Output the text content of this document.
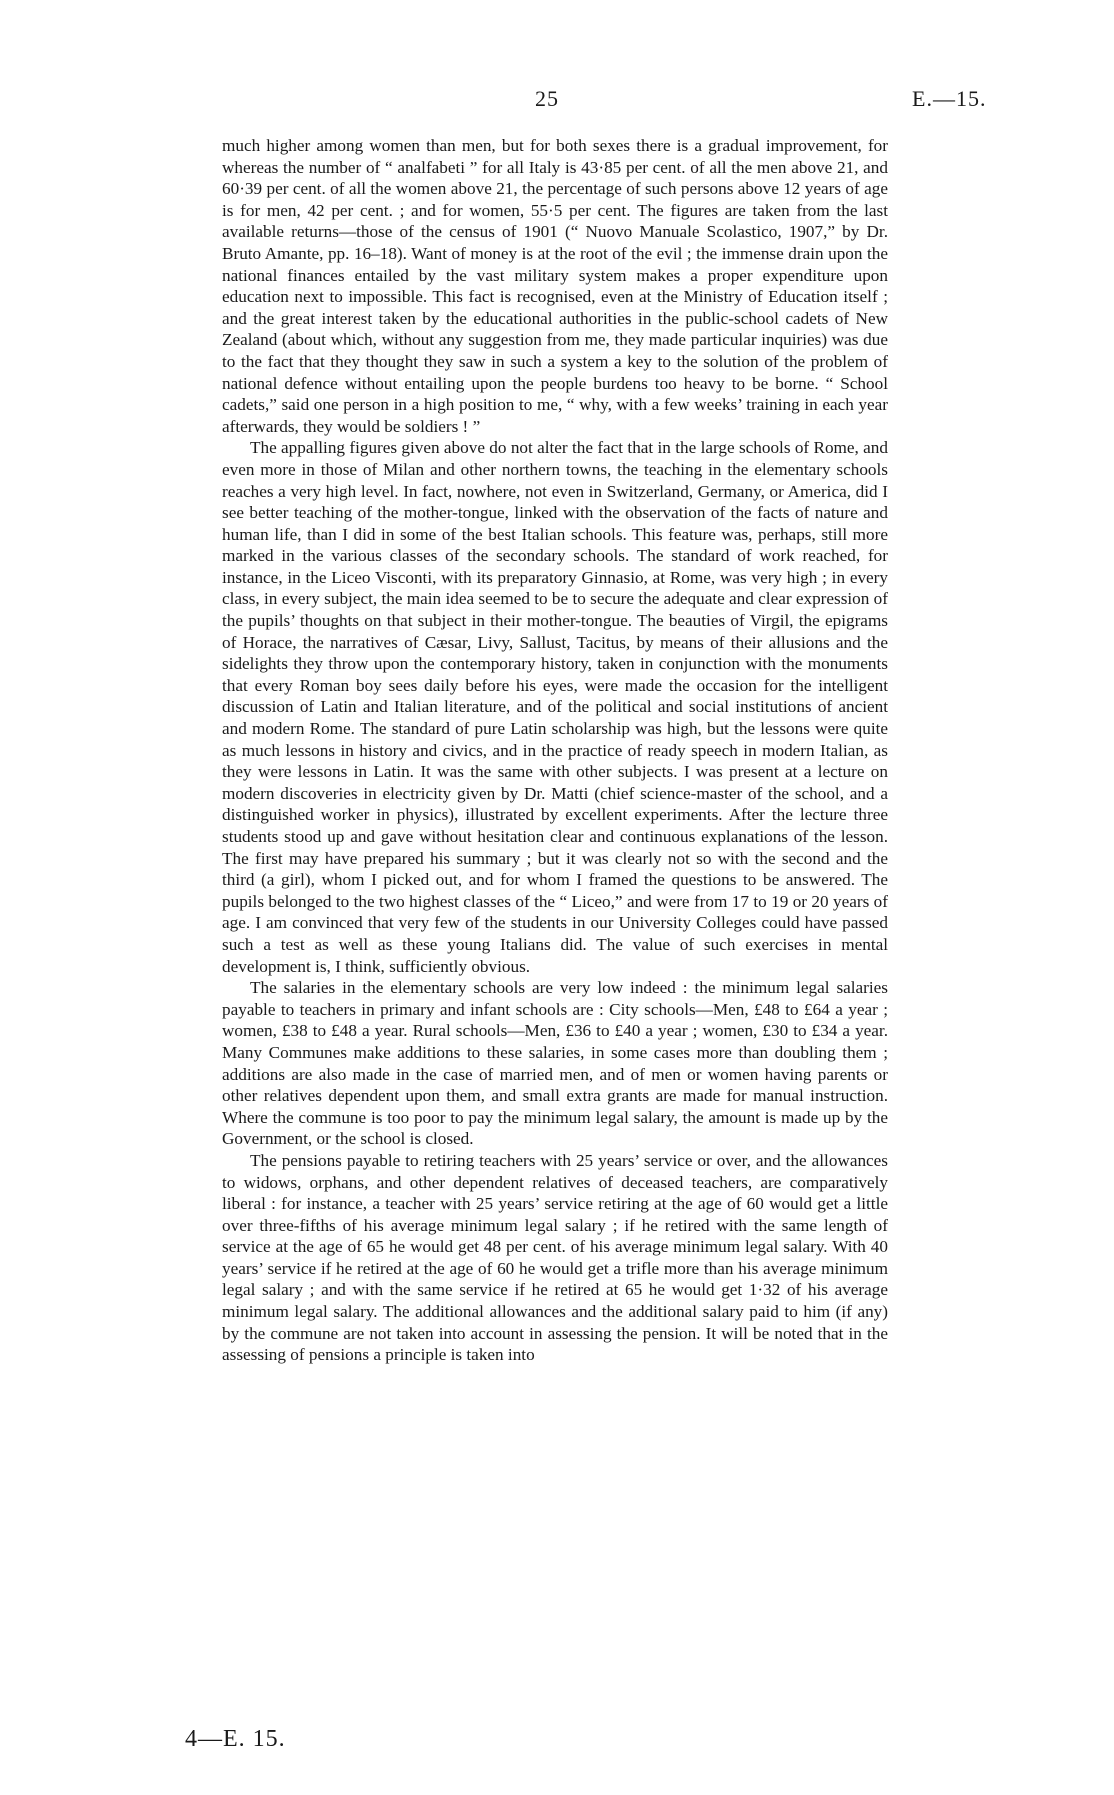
25	E.—15.

much higher among women than men, but for both sexes there is a gradual improvement, for whereas the number of “ analfabeti ” for all Italy is 43·85 per cent. of all the men above 21, and 60·39 per cent. of all the women above 21, the percentage of such persons above 12 years of age is for men, 42 per cent. ; and for women, 55·5 per cent. The figures are taken from the last available returns—those of the census of 1901 (“ Nuovo Manuale Scolastico, 1907,” by Dr. Bruto Amante, pp. 16–18). Want of money is at the root of the evil ; the immense drain upon the national finances entailed by the vast military system makes a proper expenditure upon education next to impossible. This fact is recognised, even at the Ministry of Education itself ; and the great interest taken by the educational authorities in the public-school cadets of New Zealand (about which, without any suggestion from me, they made particular inquiries) was due to the fact that they thought they saw in such a system a key to the solution of the problem of national defence without entailing upon the people burdens too heavy to be borne. “ School cadets,” said one person in a high position to me, “ why, with a few weeks’ training in each year afterwards, they would be soldiers ! ”

The appalling figures given above do not alter the fact that in the large schools of Rome, and even more in those of Milan and other northern towns, the teaching in the elementary schools reaches a very high level. In fact, nowhere, not even in Switzerland, Germany, or America, did I see better teaching of the mother-tongue, linked with the observation of the facts of nature and human life, than I did in some of the best Italian schools. This feature was, perhaps, still more marked in the various classes of the secondary schools. The standard of work reached, for instance, in the Liceo Visconti, with its preparatory Ginnasio, at Rome, was very high ; in every class, in every subject, the main idea seemed to be to secure the adequate and clear expression of the pupils’ thoughts on that subject in their mother-tongue. The beauties of Virgil, the epigrams of Horace, the narratives of Cæsar, Livy, Sallust, Tacitus, by means of their allusions and the sidelights they throw upon the contemporary history, taken in conjunction with the monuments that every Roman boy sees daily before his eyes, were made the occasion for the intelligent discussion of Latin and Italian literature, and of the political and social institutions of ancient and modern Rome. The standard of pure Latin scholarship was high, but the lessons were quite as much lessons in history and civics, and in the practice of ready speech in modern Italian, as they were lessons in Latin. It was the same with other subjects. I was present at a lecture on modern discoveries in electricity given by Dr. Matti (chief science-master of the school, and a distinguished worker in physics), illustrated by excellent experiments. After the lecture three students stood up and gave without hesitation clear and continuous explanations of the lesson. The first may have prepared his summary ; but it was clearly not so with the second and the third (a girl), whom I picked out, and for whom I framed the questions to be answered. The pupils belonged to the two highest classes of the “ Liceo,” and were from 17 to 19 or 20 years of age. I am convinced that very few of the students in our University Colleges could have passed such a test as well as these young Italians did. The value of such exercises in mental development is, I think, sufficiently obvious.

The salaries in the elementary schools are very low indeed : the minimum legal salaries payable to teachers in primary and infant schools are : City schools—Men, £48 to £64 a year ; women, £38 to £48 a year. Rural schools—Men, £36 to £40 a year ; women, £30 to £34 a year. Many Communes make additions to these salaries, in some cases more than doubling them ; additions are also made in the case of married men, and of men or women having parents or other relatives dependent upon them, and small extra grants are made for manual instruction. Where the commune is too poor to pay the minimum legal salary, the amount is made up by the Government, or the school is closed.

The pensions payable to retiring teachers with 25 years’ service or over, and the allowances to widows, orphans, and other dependent relatives of deceased teachers, are comparatively liberal : for instance, a teacher with 25 years’ service retiring at the age of 60 would get a little over three-fifths of his average minimum legal salary ; if he retired with the same length of service at the age of 65 he would get 48 per cent. of his average minimum legal salary. With 40 years’ service if he retired at the age of 60 he would get a trifle more than his average minimum legal salary ; and with the same service if he retired at 65 he would get 1·32 of his average minimum legal salary. The additional allowances and the additional salary paid to him (if any) by the commune are not taken into account in assessing the pension. It will be noted that in the assessing of pensions a principle is taken into

4—E. 15.
